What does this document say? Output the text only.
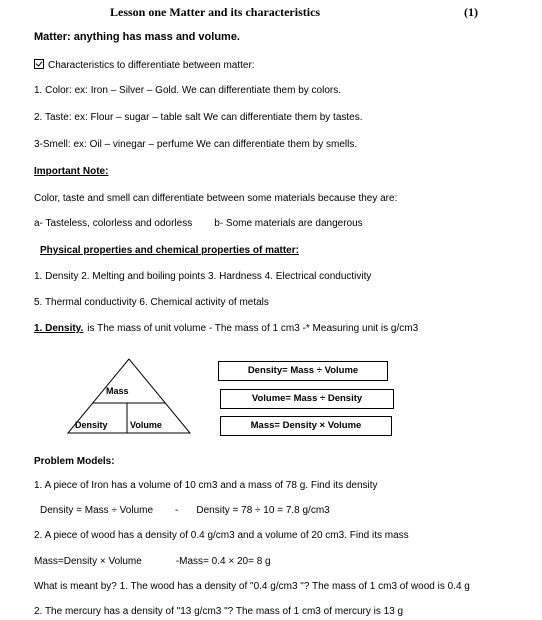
Lesson one Matter and its characteristics	(1)
Matter: anything has mass and volume.
Characteristics to differentiate between matter:
1. Color: ex: Iron – Silver – Gold. We can differentiate them by colors.
2. Taste: ex: Flour – sugar – table salt We can differentiate them by tastes.
3-Smell: ex: Oil – vinegar – perfume We can differentiate them by smells.
Important Note:
Color, taste and smell can differentiate between some materials because they are:
a- Tasteless, colorless and odorless b- Some materials are dangerous
Physical properties and chemical properties of matter:
1. Density 2. Melting and boiling points 3. Hardness 4. Electrical conductivity
5. Thermal conductivity 6. Chemical activity of metals
1. Density. is The mass of unit volume - The mass of 1 cm3 -* Measuring unit is g/cm3
Mass
Density Volume
Density= Mass ÷ Volume
Volume= Mass ÷ Density
Mass= Density × Volume
Problem Models:
1. A piece of Iron has a volume of 10 cm3 and a mass of 78 g. Find its density
Density = Mass ÷ Volume - Density = 78 ÷ 10 = 7.8 g/cm3
2. A piece of wood has a density of 0.4 g/cm3 and a volume of 20 cm3. Find its mass
Mass=Density × Volume	-Mass= 0.4 × 20= 8 g
What is meant by? 1. The wood has a density of "0.4 g/cm3 "? The mass of 1 cm3 of wood is 0.4 g
2. The mercury has a density of "13 g/cm3 "? The mass of 1 cm3 of mercury is 13 g
